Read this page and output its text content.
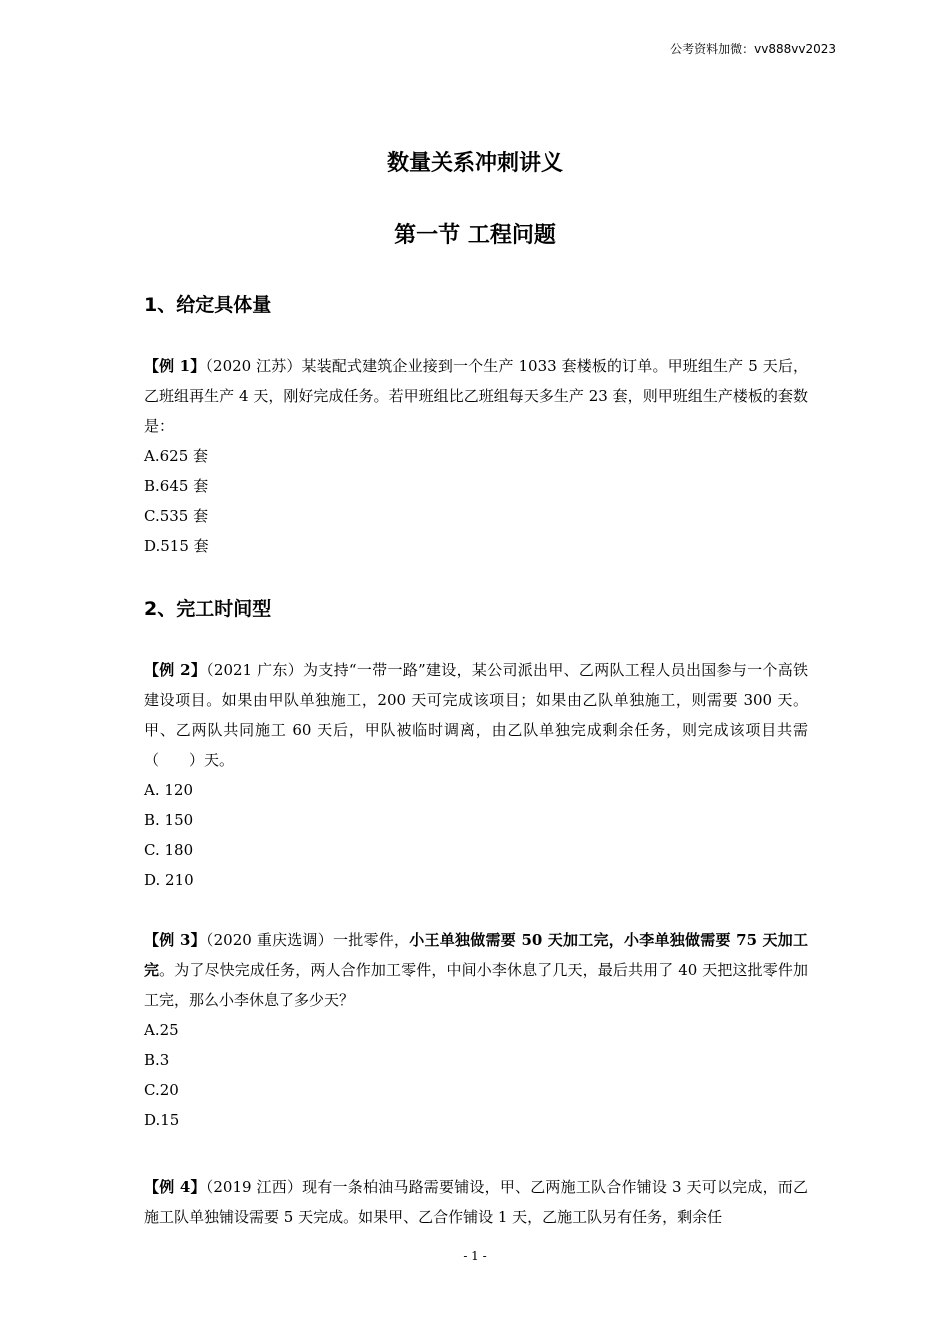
公考资料加微：vv888vv2023
数量关系冲刺讲义
第一节 工程问题
1、给定具体量
【例 1】（2020 江苏）某装配式建筑企业接到一个生产 1033 套楼板的订单。甲班组生产 5 天后，乙班组再生产 4 天，刚好完成任务。若甲班组比乙班组每天多生产 23 套，则甲班组生产楼板的套数是：
A.625 套
B.645 套
C.535 套
D.515 套
2、完工时间型
【例 2】（2021 广东）为支持“一带一路”建设，某公司派出甲、乙两队工程人员出国参与一个高铁建设项目。如果由甲队单独施工，200 天可完成该项目；如果由乙队单独施工，则需要 300 天。甲、乙两队共同施工 60 天后，甲队被临时调离，由乙队单独完成剩余任务，则完成该项目共需（　　）天。
A. 120
B. 150
C. 180
D. 210
【例 3】（2020 重庆选调）一批零件，小王单独做需要 50 天加工完，小李单独做需要 75 天加工完。为了尽快完成任务，两人合作加工零件，中间小李休息了几天，最后共用了 40 天把这批零件加工完，那么小李休息了多少天？
A.25
B.3
C.20
D.15
【例 4】（2019 江西）现有一条柏油马路需要铺设，甲、乙两施工队合作铺设 3 天可以完成，而乙施工队单独铺设需要 5 天完成。如果甲、乙合作铺设 1 天，乙施工队另有任务，剩余任
- 1 -
